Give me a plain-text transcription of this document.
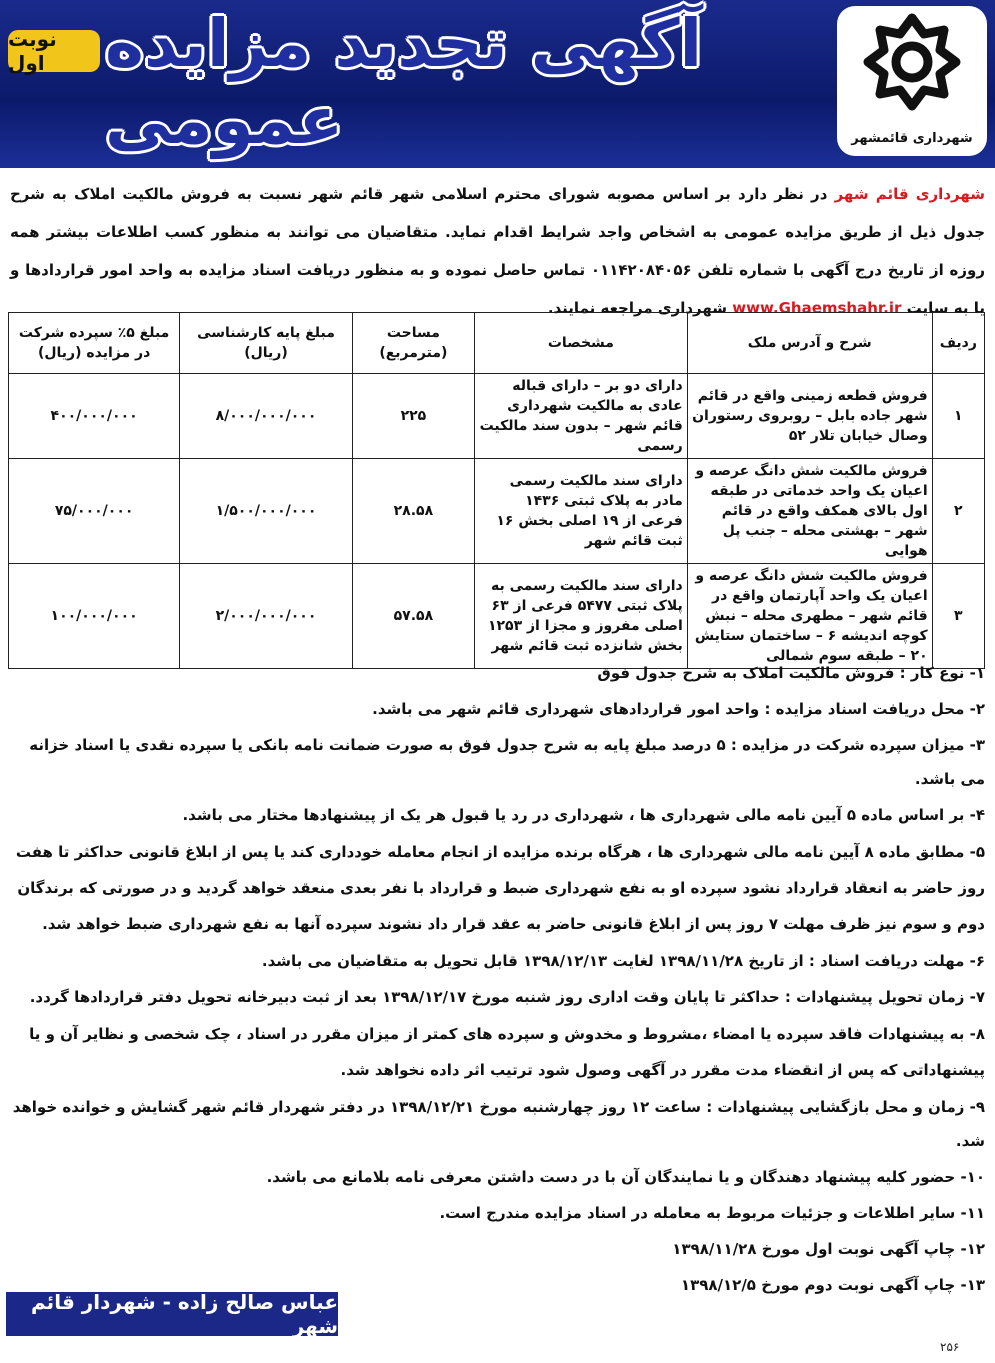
نوبت اول آگهی تجدید مزایده عمومی	شهرداری قائمشهر
شهرداری قائم شهر در نظر دارد بر اساس مصوبه شورای محترم اسلامی شهر قائم شهر نسبت به فروش مالکیت املاک به شرح جدول ذیل از طریق مزایده عمومی به اشخاص واجد شرایط اقدام نماید. متقاضیان می توانند به منظور کسب اطلاعات بیشتر همه روزه از تاریخ درج آگهی با شماره تلفن ۰۱۱۴۲۰۸۴۰۵۶ تماس حاصل نموده و به منظور دریافت اسناد مزایده به واحد امور قراردادها و یا به سایت www.Ghaemshahr.ir شهرداری مراجعه نمایند.
ردیف	شرح و آدرس ملک	مشخصات	مساحت (مترمربع)	مبلغ پایه کارشناسی (ریال)	مبلغ ۵٪ سپرده شرکت در مزایده (ریال)
۱	فروش قطعه زمینی واقع در قائم شهر جاده بابل – روبروی رستوران وصال خیابان تلار ۵۲	دارای دو بر – دارای قباله عادی به مالکیت شهرداری قائم شهر – بدون سند مالکیت رسمی	۲۲۵	۸/۰۰۰/۰۰۰/۰۰۰	۴۰۰/۰۰۰/۰۰۰
۲	فروش مالکیت شش دانگ عرصه و اعیان یک واحد خدماتی در طبقه اول بالای همکف واقع در قائم شهر – بهشتی محله – جنب پل هوایی	دارای سند مالکیت رسمی مادر به پلاک ثبتی ۱۴۳۶ فرعی از ۱۹ اصلی بخش ۱۶ ثبت قائم شهر	۲۸.۵۸	۱/۵۰۰/۰۰۰/۰۰۰	۷۵/۰۰۰/۰۰۰
۳	فروش مالکیت شش دانگ عرصه و اعیان یک واحد آپارتمان واقع در قائم شهر – مطهری محله – نبش کوچه اندیشه ۶ – ساختمان ستایش ۲۰ – طبقه سوم شمالی	دارای سند مالکیت رسمی به پلاک ثبتی ۵۴۷۷ فرعی از ۶۳ اصلی مفروز و مجزا از ۱۲۵۳ بخش شانزده ثبت قائم شهر	۵۷.۵۸	۲/۰۰۰/۰۰۰/۰۰۰	۱۰۰/۰۰۰/۰۰۰
۱- نوع کار : فروش مالکیت املاک به شرح جدول فوق
۲- محل دریافت اسناد مزایده : واحد امور قراردادهای شهرداری قائم شهر می باشد.
۳- میزان سپرده شرکت در مزایده : ۵ درصد مبلغ پایه به شرح جدول فوق به صورت ضمانت نامه بانکی یا سپرده نقدی یا اسناد خزانه می باشد.
۴- بر اساس ماده ۵ آیین نامه مالی شهرداری ها ، شهرداری در رد یا قبول هر یک از پیشنهادها مختار می باشد.
۵- مطابق ماده ۸ آیین نامه مالی شهرداری ها ، هرگاه برنده مزایده از انجام معامله خودداری کند یا پس از ابلاغ قانونی حداکثر تا هفت روز حاضر به انعقاد قرارداد نشود سپرده او به نفع شهرداری ضبط و قرارداد با نفر بعدی منعقد خواهد گردید و در صورتی که برندگان دوم و سوم نیز ظرف مهلت ۷ روز پس از ابلاغ قانونی حاضر به عقد قرار داد نشوند سپرده آنها به نفع شهرداری ضبط خواهد شد.
۶- مهلت دریافت اسناد : از تاریخ ۱۳۹۸/۱۱/۲۸ لغایت ۱۳۹۸/۱۲/۱۳ قابل تحویل به متقاضیان می باشد.
۷- زمان تحویل پیشنهادات : حداکثر تا پایان وقت اداری روز شنبه مورخ ۱۳۹۸/۱۲/۱۷ بعد از ثبت دبیرخانه تحویل دفتر قراردادها گردد.
۸- به پیشنهادات فاقد سپرده یا امضاء ،مشروط و مخدوش و سپرده های کمتر از میزان مقرر در اسناد ، چک شخصی و نظایر آن و یا پیشنهاداتی که پس از انقضاء مدت مقرر در آگهی وصول شود ترتیب اثر داده نخواهد شد.
۹- زمان و محل بازگشایی پیشنهادات : ساعت ۱۲ روز چهارشنبه مورخ ۱۳۹۸/۱۲/۲۱ در دفتر شهردار قائم شهر گشایش و خوانده خواهد شد.
۱۰- حضور کلیه پیشنهاد دهندگان و یا نمایندگان آن با در دست داشتن معرفی نامه بلامانع می باشد.
۱۱- سایر اطلاعات و جزئیات مربوط به معامله در اسناد مزایده مندرج است.
۱۲- چاپ آگهی نوبت اول مورخ ۱۳۹۸/۱۱/۲۸
۱۳- چاپ آگهی نوبت دوم مورخ ۱۳۹۸/۱۲/۵
عباس صالح زاده - شهردار قائم شهر
۲۵۶
